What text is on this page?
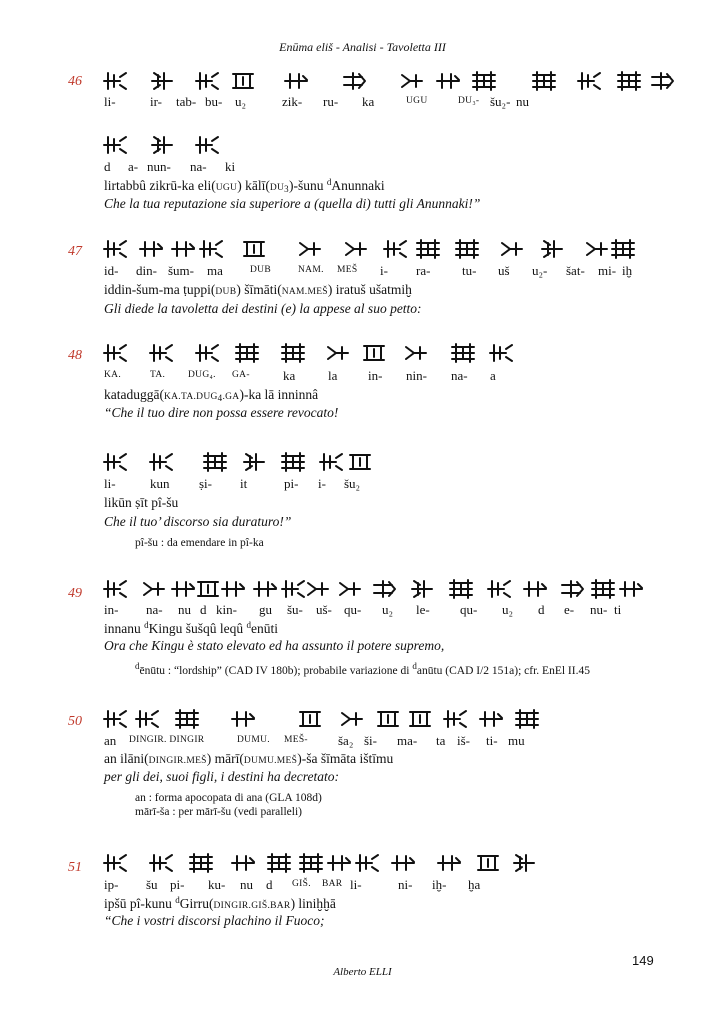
Enūma eliš - Analisi - Tavoletta III
46
li-	ir- tab- bu- u₂	zik- ru- ka	UGU	DU₃- šu₂- nu
d a- nun- na- ki
lirtabbû zikrū-ka eli(UGU) $kālī(DU_3)$-šunu $^d$Anunnaki
Che la tua reputazione sia superiore a (quella di) tutti gli Anunnaki!”
47
id- din- šum- ma	DUB	NAM. MEŠ i- ra- tu- uš u₂- šat- mi- iḫ
iddin-šum-ma ṭuppi(DUB) šīmāti(NAM.MEŠ) iratuš ušatmiḫ
Gli diede la tavoletta dei destini (e) la appese al suo petto:
48
KA.	TA. DUG₄. GA-	ka	la in- nin- na- a
$kataduggā(KA.TA.DUG_4.GA)-ka$ lā inninnâ
“Che il tuo dire non possa essere revocato!
li-	kun ṣi- it	pi- i- šu₂
likūn ṣīt pî-šu
Che il tuo’ discorso sia duraturo!”
pî-šu : da emendare in pî-ka
49
in- na- nu d kin- gu šu- uš- qu- u₂ le- qu- u₂ d e- nu- ti
innanu $^d$Kingu šušqû leqû $^d$enūti
Ora che Kingu è stato elevato ed ha assunto il potere supremo,
$^d$ēnūtu : “lordship” (CAD IV 180b); probabile variazione di $^d$anūtu (CAD I/2 151a); cfr. EnEl II.45
50
an DINGIR. DINGIR	DUMU. MEŠ- ša₂ ši- ma- ta iš- ti- mu
an ilāni(DINGIR.MEŠ) mārī(DUMU.MEŠ)-ša šīmāta ištīmu
per gli dei, suoi figli, i destini ha decretato:
an : forma apocopata di ana (GLA 108d)
mārī-ša : per mārī-šu (vedi paralleli)
51
ip- šu pi- ku- nu d GIŠ. BAR li-	ni- iḫ- ḫa
ipšū pî-kunu $^d$Girru(DINGIR.GIŠ.BAR) liniḫḫā
“Che i vostri discorsi plachino il Fuoco;
149
Alberto ELLI
